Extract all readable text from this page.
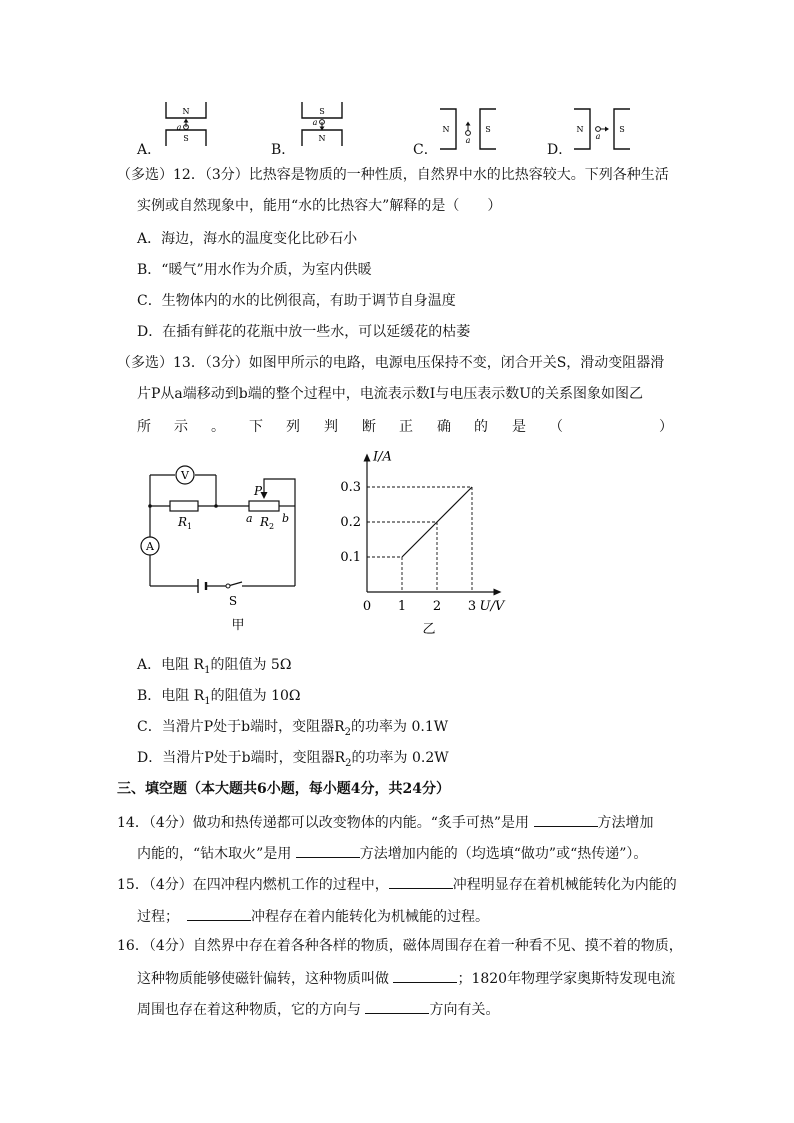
A．
N
S
a
B．
S
N
a
C．
N	S
a
D．
N	S
a
（多选）12．（3分）比热容是物质的一种性质，自然界中水的比热容较大。下列各种生活
实例或自然现象中，能用“水的比热容大”解释的是（　　）
A．海边，海水的温度变化比砂石小
B．“暖气”用水作为介质，为室内供暖
C．生物体内的水的比例很高，有助于调节自身温度
D．在插有鲜花的花瓶中放一些水，可以延缓花的枯萎
（多选）13．（3分）如图甲所示的电路，电源电压保持不变，闭合开关S，滑动变阻器滑
片P从a端移动到b端的整个过程中，电流表示数I与电压表示数U的关系图象如图乙
所 示 。 下 列 判 断 正 确 的 是 （	）
V
A
R 1	R 2
P
a	b
S
甲
0 1 2 3
0.1
0.2
0.3
I/A
U/V
乙
A．电阻 $R_1$的阻值为 5Ω
B．电阻 $R_1$的阻值为 10Ω
C．当滑片P处于b端时，变阻器$R_2$的功率为 0.1W
D．当滑片P处于b端时，变阻器$R_2$的功率为 0.2W
三、填空题（本大题共6小题，每小题4分，共24分）
14．（4分）做功和热传递都可以改变物体的内能。“炙手可热”是用	方法增加
内能的，“钻木取火”是用	方法增加内能的（均选填“做功”或“热传递”）。
15．（4分）在四冲程内燃机工作的过程中，	冲程明显存在着机械能转化为内能的
过程；	冲程存在着内能转化为机械能的过程。
16．（4分）自然界中存在着各种各样的物质，磁体周围存在着一种看不见、摸不着的物质，
这种物质能够使磁针偏转，这种物质叫做	；1820年物理学家奥斯特发现电流
周围也存在着这种物质，它的方向与	方向有关。
